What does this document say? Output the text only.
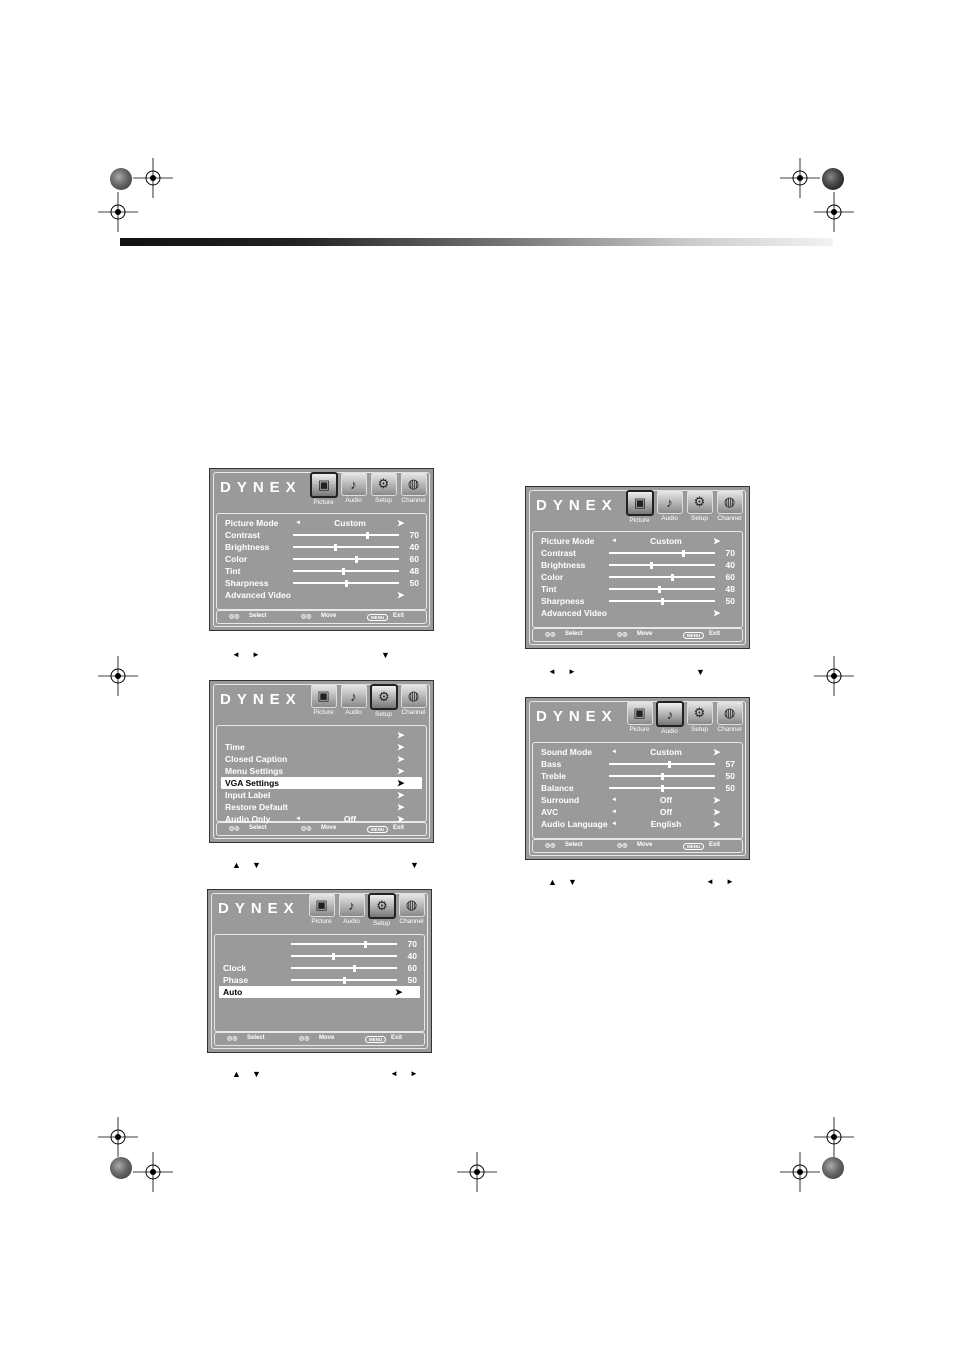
DYNEX	▣
Picture
♪
Audio
⚙
Setup
◍
Channel
Picture Mode	◄	Custom	➤
Contrast	70
Brightness	40
Color	60
Tint	48
Sharpness	50
Advanced Video	➤
◎◎ Select	◎◎ Move	MENU	Exit
DYNEX	▣
Picture
♪
Audio
⚙
Setup
◍
Channel
➤
Time	➤
Closed Caption	➤
Menu Settings	➤
VGA Settings	➤
Input Label	➤
Restore Default	➤
Audio Only	◄	Off	➤
◎◎ Select	◎◎ Move	MENU	Exit
DYNEX	▣
Picture
♪
Audio
⚙
Setup
◍
Channel
70
40
Clock	60
Phase	50
Auto	➤
◎◎ Select	◎◎ Move	MENU	Exit
DYNEX	▣
Picture
♪
Audio
⚙
Setup
◍
Channel
Picture Mode	◄	Custom	➤
Contrast	70
Brightness	40
Color	60
Tint	48
Sharpness	50
Advanced Video	➤
◎◎ Select	◎◎ Move	MENU	Exit
DYNEX	▣
Picture
♪
Audio
⚙
Setup
◍
Channel
Sound Mode	◄	Custom	➤
Bass	57
Treble	50
Balance	50
Surround	◄	Off	➤
AVC	◄	Off	➤
Audio Language ◄	English	➤
◎◎ Select	◎◎ Move	MENU	Exit
◄ ►	▼
▲ ▼	▼
▲ ▼	◄ ►
◄ ►	▼
▲ ▼	◄ ►
